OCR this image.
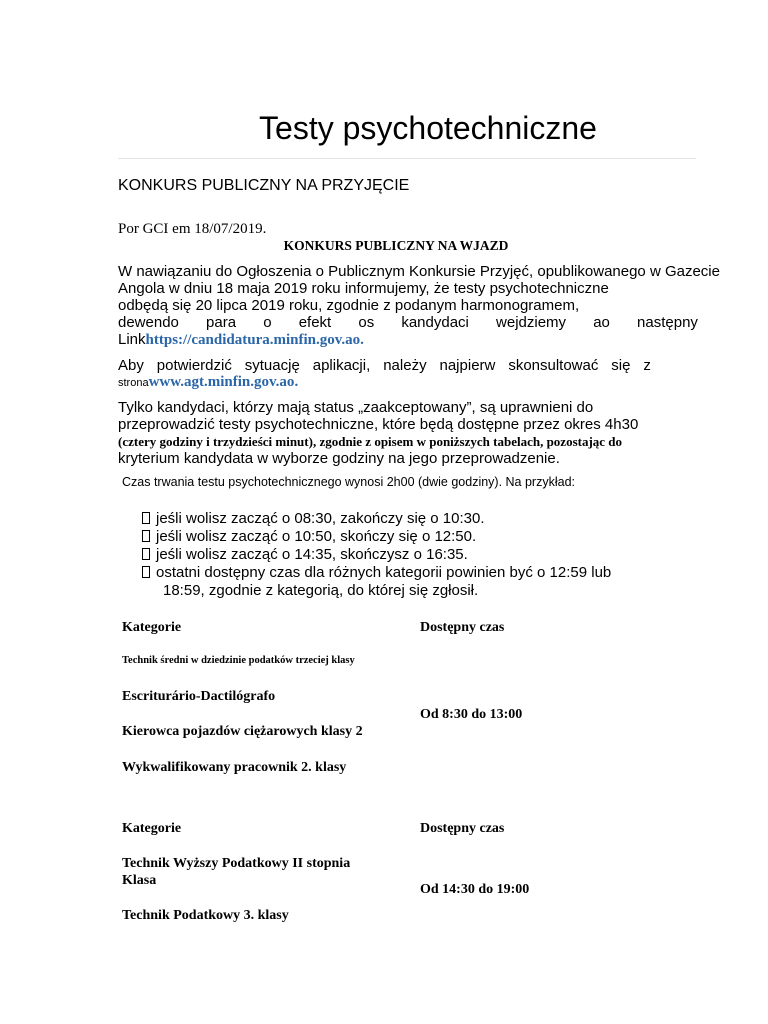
Testy psychotechniczne
KONKURS PUBLICZNY NA PRZYJĘCIE
Por GCI em 18/07/2019.
KONKURS PUBLICZNY NA WJAZD
W nawiązaniu do Ogłoszenia o Publicznym Konkursie Przyjęć, opublikowanego w Gazecie
Angola w dniu 18 maja 2019 roku informujemy, że testy psychotechniczne
odbędą się 20 lipca 2019 roku, zgodnie z podanym harmonogramem,
dewendo para o efekt os kandydaci wejdziemy ao następny
Linkhttps://candidatura.minfin.gov.ao.
Aby potwierdzić sytuację aplikacji, należy najpierw skonsultować się z
stronawww.agt.minfin.gov.ao.
Tylko kandydaci, którzy mają status „zaakceptowany”, są uprawnieni do
przeprowadzić testy psychotechniczne, które będą dostępne przez okres 4h30
(cztery godziny i trzydzieści minut), zgodnie z opisem w poniższych tabelach, pozostając do
kryterium kandydata w wyborze godziny na jego przeprowadzenie.
Czas trwania testu psychotechnicznego wynosi 2h00 (dwie godziny). Na przykład:
jeśli wolisz zacząć o 08:30, zakończy się o 10:30.
jeśli wolisz zacząć o 10:50, skończy się o 12:50.
jeśli wolisz zacząć o 14:35, skończysz o 16:35.
ostatni dostępny czas dla różnych kategorii powinien być o 12:59 lub
18:59, zgodnie z kategorią, do której się zgłosił.
Kategorie	Dostępny czas
Technik średni w dziedzinie podatków trzeciej klasy
Escriturário-Dactilógrafo
Kierowca pojazdów ciężarowych klasy 2
Wykwalifikowany pracownik 2. klasy
Od 8:30 do 13:00
Kategorie	Dostępny czas
Technik Wyższy Podatkowy II stopnia
Klasa
Technik Podatkowy 3. klasy
Od 14:30 do 19:00
